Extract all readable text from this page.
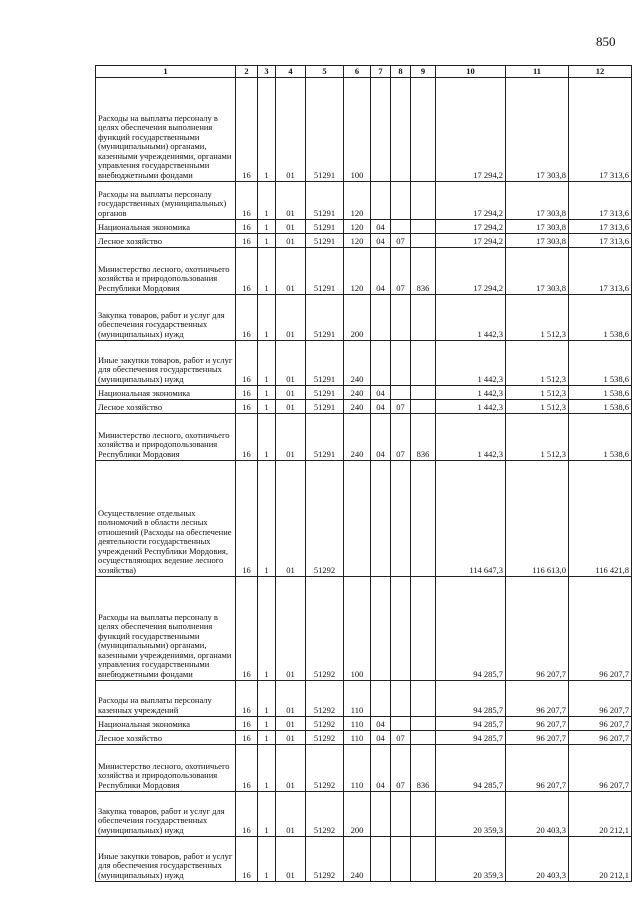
850
1	2	3	4	5	6	7	8	9	10	11	12
Расходы на выплаты персоналу в целях обеспечения выполнения функций государственными (муниципальными) органами, казенными учреждениями, органами управления государственными внебюджетными фондами	16	1	01	51291	100				17 294,2	17 303,8	17 313,6
Расходы на выплаты персоналу государственных (муниципальных) органов	16	1	01	51291	120				17 294,2	17 303,8	17 313,6
Национальная экономика	16	1	01	51291	120	04			17 294,2	17 303,8	17 313,6
Лесное хозяйство	16	1	01	51291	120	04	07		17 294,2	17 303,8	17 313,6
Министерство лесного, охотничьего хозяйства и природопользования Республики Мордовия	16	1	01	51291	120	04	07	836	17 294,2	17 303,8	17 313,6
Закупка товаров, работ и услуг для обеспечения государственных (муниципальных) нужд	16	1	01	51291	200				1 442,3	1 512,3	1 538,6
Иные закупки товаров, работ и услуг для обеспечения государственных (муниципальных) нужд	16	1	01	51291	240				1 442,3	1 512,3	1 538,6
Национальная экономика	16	1	01	51291	240	04			1 442,3	1 512,3	1 538,6
Лесное хозяйство	16	1	01	51291	240	04	07		1 442,3	1 512,3	1 538,6
Министерство лесного, охотничьего хозяйства и природопользования Республики Мордовия	16	1	01	51291	240	04	07	836	1 442,3	1 512,3	1 538,6
Осуществление отдельных полномочий в области лесных отношений (Расходы на обеспечение деятельности государственных учреждений Республики Мордовия, осуществляющих ведение лесного хозяйства)	16	1	01	51292					114 647,3	116 613,0	116 421,8
Расходы на выплаты персоналу в целях обеспечения выполнения функций государственными (муниципальными) органами, казенными учреждениями, органами управления государственными внебюджетными фондами	16	1	01	51292	100				94 285,7	96 207,7	96 207,7
Расходы на выплаты персоналу казенных учреждений	16	1	01	51292	110				94 285,7	96 207,7	96 207,7
Национальная экономика	16	1	01	51292	110	04			94 285,7	96 207,7	96 207,7
Лесное хозяйство	16	1	01	51292	110	04	07		94 285,7	96 207,7	96 207,7
Министерство лесного, охотничьего хозяйства и природопользования Республики Мордовия	16	1	01	51292	110	04	07	836	94 285,7	96 207,7	96 207,7
Закупка товаров, работ и услуг для обеспечения государственных (муниципальных) нужд	16	1	01	51292	200				20 359,3	20 403,3	20 212,1
Иные закупки товаров, работ и услуг для обеспечения государственных (муниципальных) нужд	16	1	01	51292	240				20 359,3	20 403,3	20 212,1
